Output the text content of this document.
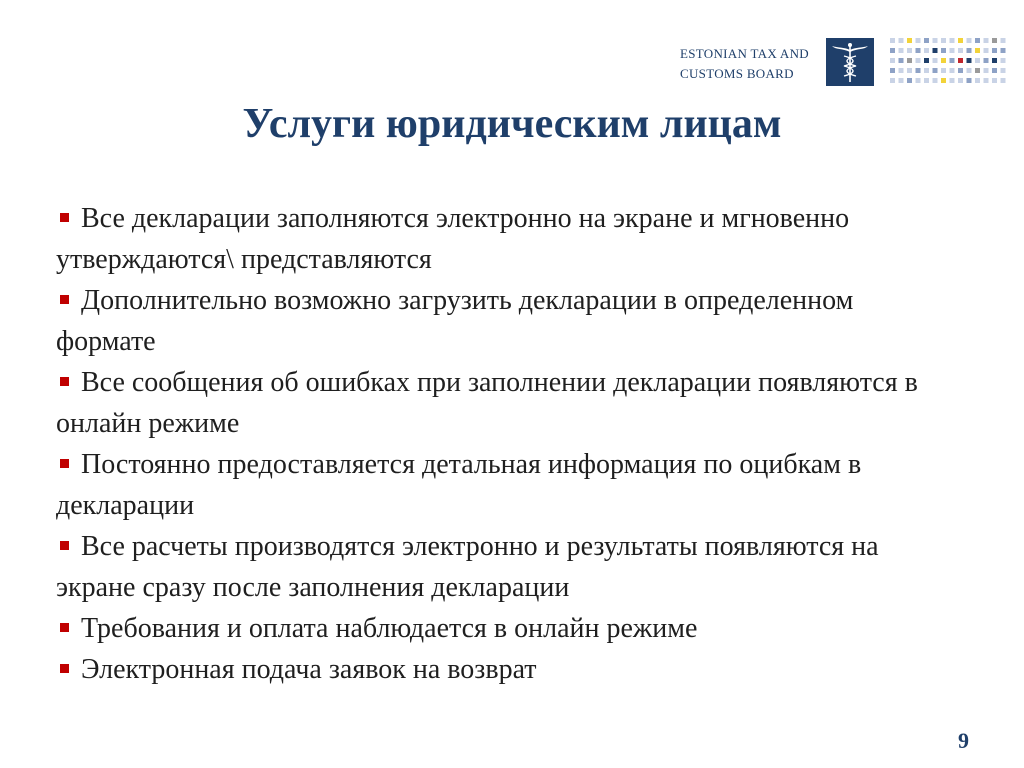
ESTONIAN TAX AND
CUSTOMS BOARD
Услуги юридическим лицам
Все декларации заполняются электронно на экране и мгновенно утверждаются\ представляются
Дополнительно возможно загрузить декларации в определенном формате
Все сообщения об ошибках при заполнении декларации появляются в онлайн режиме
Постоянно предоставляется детальная информация по оцибкам в декларации
Все расчеты производятся электронно и результаты появляются на экране сразу после заполнения декларации
Требования и оплата наблюдается в онлайн режиме
Электронная подача заявок на возврат
9
